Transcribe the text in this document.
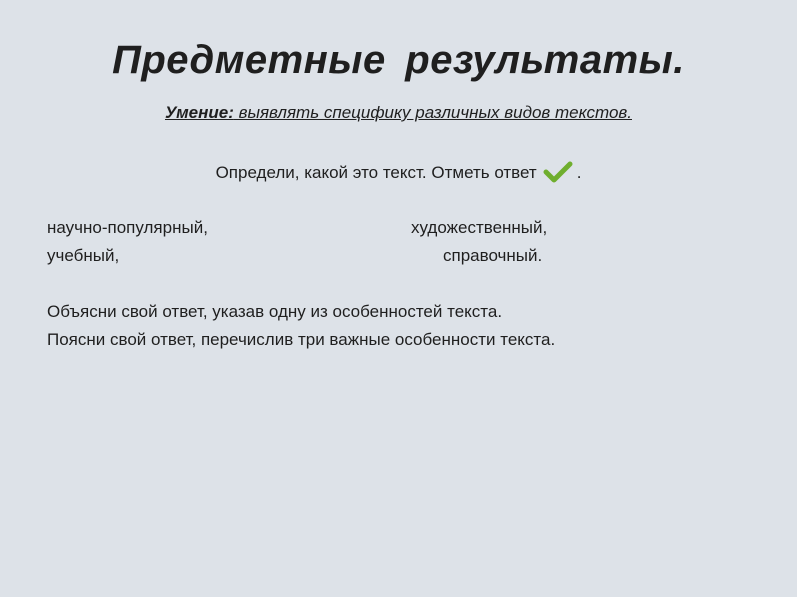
Предметные результаты.
Умение: выявлять специфику различных видов текстов.
Определи, какой это текст. Отметь ответ .
научно-популярный,	художественный,
учебный,	справочный.
Объясни свой ответ, указав одну из особенностей текста.
Поясни свой ответ, перечислив три важные особенности текста.
